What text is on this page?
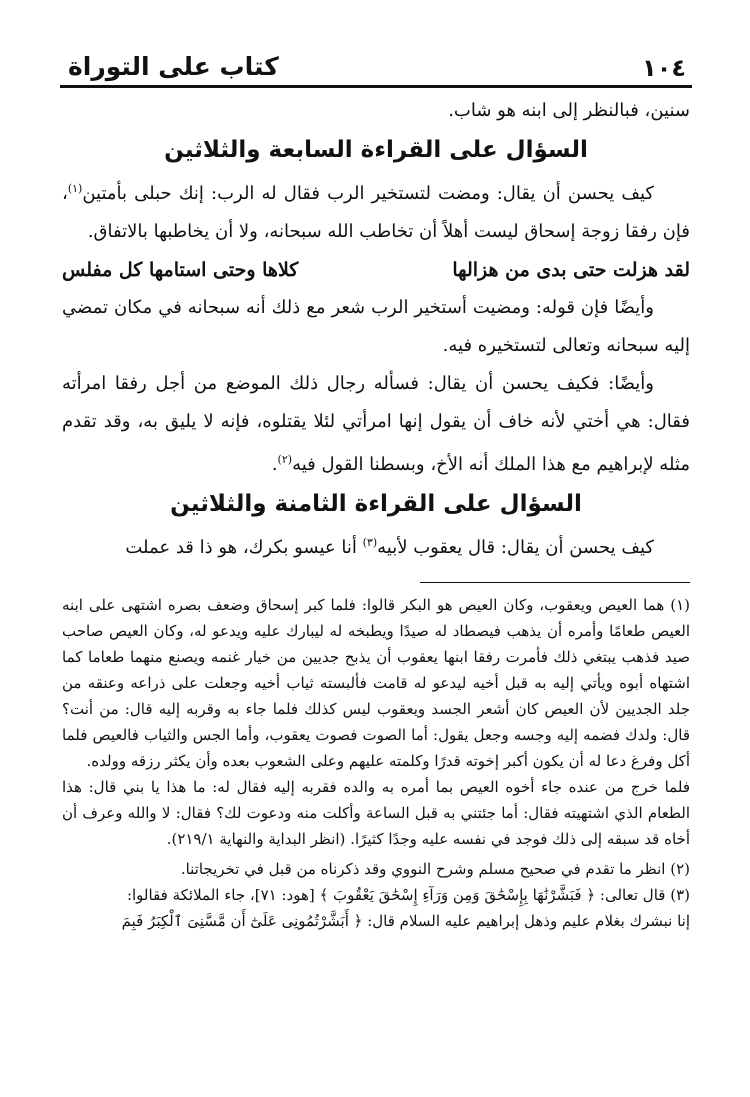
١٠٤
كتاب على التوراة

سنين، فبالنظر إلى ابنه هو شاب.

السؤال على القراءة السابعة والثلاثين

كيف يحسن أن يقال: ومضت لتستخير الرب فقال له الرب: إنك حبلى بأمتين$^{(١)}$، فإن رفقا زوجة إسحاق ليست أهلاً أن تخاطب الله سبحانه، ولا أن يخاطبها بالاتفاق.

لقد هزلت حتى بدى من هزالها
كلاها وحتى استامها كل مفلس

وأيضًا فإن قوله: ومضيت أستخير الرب شعر مع ذلك أنه سبحانه في مكان تمضي إليه سبحانه وتعالى لتستخيره فيه.

وأيضًا: فكيف يحسن أن يقال: فسأله رجال ذلك الموضع من أجل رفقا امرأته فقال: هي أختي لأنه خاف أن يقول إنها امرأتي لئلا يقتلوه، فإنه لا يليق به، وقد تقدم مثله لإبراهيم مع هذا الملك أنه الأخ، وبسطنا القول فيه$^{(٢)}$.

السؤال على القراءة الثامنة والثلاثين

كيف يحسن أن يقال: قال يعقوب لأبيه$^{(٣)}$ أنا عيسو بكرك، هو ذا قد عملت

(١) هما العيص ويعقوب، وكان العيص هو البكر قالوا: فلما كبر إسحاق وضعف بصره اشتهى على ابنه العيص طعامًا وأمره أن يذهب فيصطاد له صيدًا ويطبخه له ليبارك عليه ويدعو له، وكان العيص صاحب صيد فذهب يبتغي ذلك فأمرت رفقا ابنها يعقوب أن يذبح جديين من خيار غنمه ويصنع منهما طعاما كما اشتهاه أبوه ويأتي إليه به قبل أخيه ليدعو له قامت فألبسته ثياب أخيه وجعلت على ذراعه وعنقه من جلد الجديين لأن العيص كان أشعر الجسد ويعقوب ليس كذلك فلما جاء به وقربه إليه قال: من أنت؟ قال: ولدك فضمه إليه وجسه وجعل يقول: أما الصوت فصوت يعقوب، وأما الجس والثياب فالعيص فلما أكل وفرغ دعا له أن يكون أكبر إخوته قدرًا وكلمته عليهم وعلى الشعوب بعده وأن يكثر رزقه وولده.

فلما خرج من عنده جاء أخوه العيص بما أمره به والده فقربه إليه فقال له: ما هذا يا بني قال: هذا الطعام الذي اشتهيته فقال: أما جئتني به قبل الساعة وأكلت منه ودعوت لك؟ فقال: لا والله وعرف أن أخاه قد سبقه إلى ذلك فوجد في نفسه عليه وجدًا كثيرًا. (انظر البداية والنهاية ٢١٩/١).

(٢) انظر ما تقدم في صحيح مسلم وشرح النووي وقد ذكرناه من قبل في تخريجاتنا.

(٣) قال تعالى: ﴿ فَبَشَّرْنَٰهَا بِإِسْحَٰقَ وَمِن وَرَآءِ إِسْحَٰقَ يَعْقُوبَ ﴾ [هود: ٧١]، جاء الملائكة فقالوا:

إنا نبشرك بغلام عليم وذهل إبراهيم عليه السلام قال: ﴿ أَبَشَّرْتُمُونِى عَلَىٰٓ أَن مَّسَّنِىَ ٱلْكِبَرُ فَبِمَ
